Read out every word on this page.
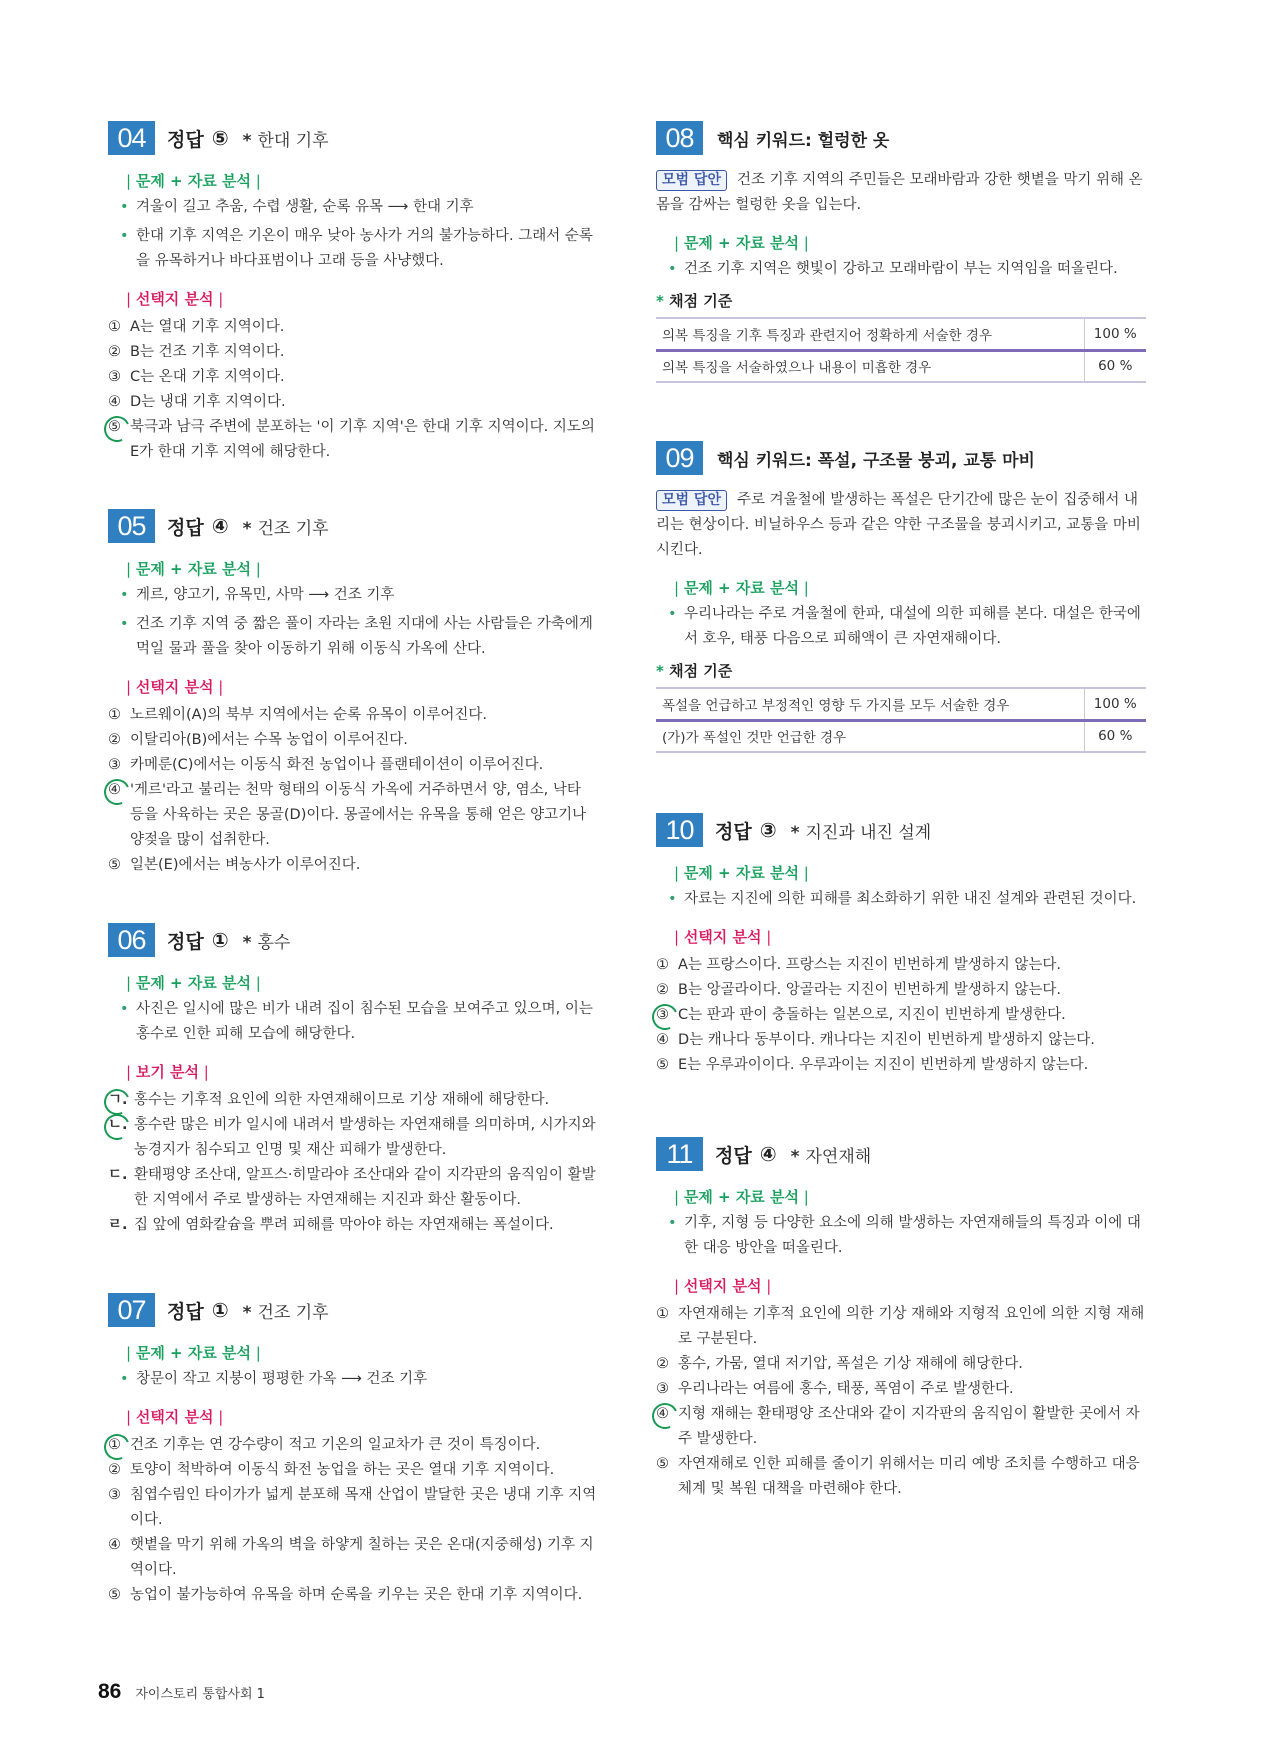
04	정답 ⑤	* 한대 기후
| 문제 + 자료 분석 |
• 겨울이 길고 추움, 수렵 생활, 순록 유목 ⟶ 한대 기후
• 한대 기후 지역은 기온이 매우 낮아 농사가 거의 불가능하다. 그래서 순록을 유목하거나 바다표범이나 고래 등을 사냥했다.
| 선택지 분석 |
① A는 열대 기후 지역이다.
② B는 건조 기후 지역이다.
③ C는 온대 기후 지역이다.
④ D는 냉대 기후 지역이다.
⑤ 북극과 남극 주변에 분포하는 '이 기후 지역'은 한대 기후 지역이다. 지도의 E가 한대 기후 지역에 해당한다.
05	정답 ④	* 건조 기후
| 문제 + 자료 분석 |
• 게르, 양고기, 유목민, 사막 ⟶ 건조 기후
• 건조 기후 지역 중 짧은 풀이 자라는 초원 지대에 사는 사람들은 가축에게 먹일 물과 풀을 찾아 이동하기 위해 이동식 가옥에 산다.
| 선택지 분석 |
① 노르웨이(A)의 북부 지역에서는 순록 유목이 이루어진다.
② 이탈리아(B)에서는 수목 농업이 이루어진다.
③ 카메룬(C)에서는 이동식 화전 농업이나 플랜테이션이 이루어진다.
④ '게르'라고 불리는 천막 형태의 이동식 가옥에 거주하면서 양, 염소, 낙타 등을 사육하는 곳은 몽골(D)이다. 몽골에서는 유목을 통해 얻은 양고기나 양젖을 많이 섭취한다.
⑤ 일본(E)에서는 벼농사가 이루어진다.
06	정답 ①	* 홍수
| 문제 + 자료 분석 |
• 사진은 일시에 많은 비가 내려 집이 침수된 모습을 보여주고 있으며, 이는 홍수로 인한 피해 모습에 해당한다.
| 보기 분석 |
ㄱ. 홍수는 기후적 요인에 의한 자연재해이므로 기상 재해에 해당한다.
ㄴ. 홍수란 많은 비가 일시에 내려서 발생하는 자연재해를 의미하며, 시가지와 농경지가 침수되고 인명 및 재산 피해가 발생한다.
ㄷ. 환태평양 조산대, 알프스·히말라야 조산대와 같이 지각판의 움직임이 활발한 지역에서 주로 발생하는 자연재해는 지진과 화산 활동이다.
ㄹ. 집 앞에 염화칼슘을 뿌려 피해를 막아야 하는 자연재해는 폭설이다.
07	정답 ①	* 건조 기후
| 문제 + 자료 분석 |
• 창문이 작고 지붕이 평평한 가옥 ⟶ 건조 기후
| 선택지 분석 |
① 건조 기후는 연 강수량이 적고 기온의 일교차가 큰 것이 특징이다.
② 토양이 척박하여 이동식 화전 농업을 하는 곳은 열대 기후 지역이다.
③ 침엽수림인 타이가가 넓게 분포해 목재 산업이 발달한 곳은 냉대 기후 지역이다.
④ 햇볕을 막기 위해 가옥의 벽을 하얗게 칠하는 곳은 온대(지중해성) 기후 지역이다.
⑤ 농업이 불가능하여 유목을 하며 순록을 키우는 곳은 한대 기후 지역이다.
08	핵심 키워드: 헐렁한 옷
모범 답안 건조 기후 지역의 주민들은 모래바람과 강한 햇볕을 막기 위해 온몸을 감싸는 헐렁한 옷을 입는다.
| 문제 + 자료 분석 |
• 건조 기후 지역은 햇빛이 강하고 모래바람이 부는 지역임을 떠올린다.
* 채점 기준
의복 특징을 기후 특징과 관련지어 정확하게 서술한 경우	100 %
의복 특징을 서술하였으나 내용이 미흡한 경우	60 %
09	핵심 키워드: 폭설, 구조물 붕괴, 교통 마비
모범 답안 주로 겨울철에 발생하는 폭설은 단기간에 많은 눈이 집중해서 내리는 현상이다. 비닐하우스 등과 같은 약한 구조물을 붕괴시키고, 교통을 마비시킨다.
| 문제 + 자료 분석 |
• 우리나라는 주로 겨울철에 한파, 대설에 의한 피해를 본다. 대설은 한국에서 호우, 태풍 다음으로 피해액이 큰 자연재해이다.
* 채점 기준
폭설을 언급하고 부정적인 영향 두 가지를 모두 서술한 경우	100 %
(가)가 폭설인 것만 언급한 경우	60 %
10	정답 ③	* 지진과 내진 설계
| 문제 + 자료 분석 |
• 자료는 지진에 의한 피해를 최소화하기 위한 내진 설계와 관련된 것이다.
| 선택지 분석 |
① A는 프랑스이다. 프랑스는 지진이 빈번하게 발생하지 않는다.
② B는 앙골라이다. 앙골라는 지진이 빈번하게 발생하지 않는다.
③ C는 판과 판이 충돌하는 일본으로, 지진이 빈번하게 발생한다.
④ D는 캐나다 동부이다. 캐나다는 지진이 빈번하게 발생하지 않는다.
⑤ E는 우루과이이다. 우루과이는 지진이 빈번하게 발생하지 않는다.
11	정답 ④	* 자연재해
| 문제 + 자료 분석 |
• 기후, 지형 등 다양한 요소에 의해 발생하는 자연재해들의 특징과 이에 대한 대응 방안을 떠올린다.
| 선택지 분석 |
① 자연재해는 기후적 요인에 의한 기상 재해와 지형적 요인에 의한 지형 재해로 구분된다.
② 홍수, 가뭄, 열대 저기압, 폭설은 기상 재해에 해당한다.
③ 우리나라는 여름에 홍수, 태풍, 폭염이 주로 발생한다.
④ 지형 재해는 환태평양 조산대와 같이 지각판의 움직임이 활발한 곳에서 자주 발생한다.
⑤ 자연재해로 인한 피해를 줄이기 위해서는 미리 예방 조치를 수행하고 대응 체계 및 복원 대책을 마련해야 한다.
86 자이스토리 통합사회 1
